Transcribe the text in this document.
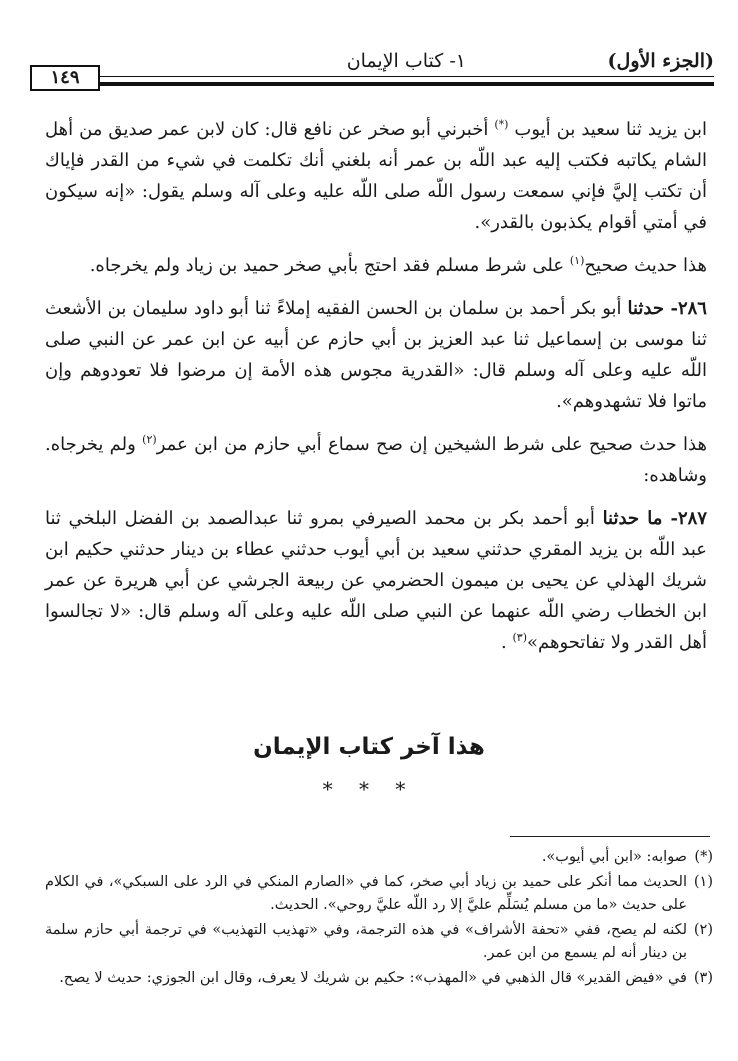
(الجزء الأول)
١- كتاب الإيمان
١٤٩

ابن يزيد ثنا سعيد بن أيوب (*) أخبرني أبو صخر عن نافع قال: كان لابن عمر صديق من أهل الشام يكاتبه فكتب إليه عبد اللّه بن عمر أنه بلغني أنك تكلمت في شيء من القدر فإياك أن تكتب إليَّ فإني سمعت رسول اللّه صلى اللّه عليه وعلى آله وسلم يقول: «إنه سيكون في أمتي أقوام يكذبون بالقدر».

هذا حديث صحيح$^{(١)}$ على شرط مسلم فقد احتج بأبي صخر حميد بن زياد ولم يخرجاه.

٢٨٦- حدثنا أبو بكر أحمد بن سلمان بن الحسن الفقيه إملاءً ثنا أبو داود سليمان بن الأشعث ثنا موسى بن إسماعيل ثنا عبد العزيز بن أبي حازم عن أبيه عن ابن عمر عن النبي صلى اللّه عليه وعلى آله وسلم قال: «القدرية مجوس هذه الأمة إن مرضوا فلا تعودوهم وإن ماتوا فلا تشهدوهم».

هذا حدث صحيح على شرط الشيخين إن صح سماع أبي حازم من ابن عمر$^{(٢)}$ ولم يخرجاه. وشاهده:

٢٨٧- ما حدثنا أبو أحمد بكر بن محمد الصيرفي بمرو ثنا عبدالصمد بن الفضل البلخي ثنا عبد اللّه بن يزيد المقري حدثني سعيد بن أبي أيوب حدثني عطاء بن دينار حدثني حكيم ابن شريك الهذلي عن يحيى بن ميمون الحضرمي عن ربيعة الجرشي عن أبي هريرة عن عمر ابن الخطاب رضي اللّه عنهما عن النبي صلى اللّه عليه وعلى آله وسلم قال: «لا تجالسوا أهل القدر ولا تفاتحوهم»$^{(٣)}$ .

هذا آخر كتاب الإيمان
* * *
(*)
صوابه: «ابن أبي أيوب».
(١)
الحديث مما أنكر على حميد بن زياد أبي صخر، كما في «الصارم المنكي في الرد على السبكي»، في الكلام على حديث «ما من مسلم يُسَلِّم عليَّ إلا رد اللّه عليَّ روحي». الحديث.
(٢)
لكنه لم يصح، ففي «تحفة الأشراف» في هذه الترجمة، وفي «تهذيب التهذيب» في ترجمة أبي حازم سلمة بن دينار أنه لم يسمع من ابن عمر.
(٣)
في «فيض القدير» قال الذهبي في «المهذب»: حكيم بن شريك لا يعرف، وقال ابن الجوزي: حديث لا يصح.
